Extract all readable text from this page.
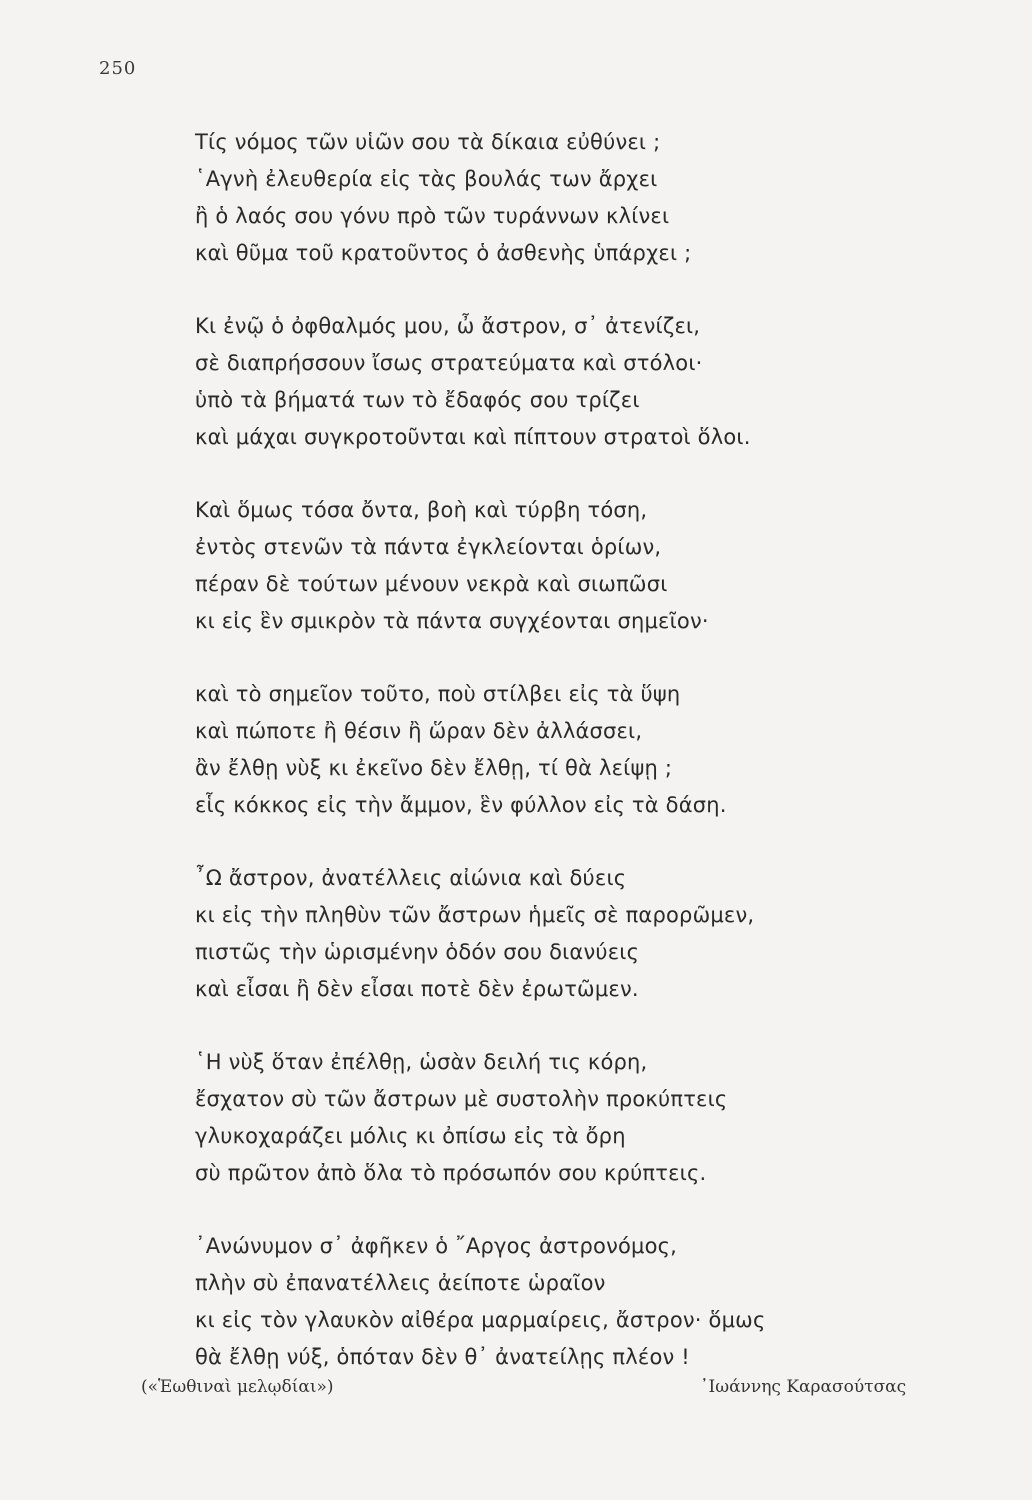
250
Τίς νόμος τῶν υἱῶν σου τὰ δίκαια εὐθύνει ;
῾Αγνὴ ἐλευθερία εἰς τὰς βουλάς των ἄρχει
ἢ ὁ λαός σου γόνυ πρὸ τῶν τυράννων κλίνει
καὶ θῦμα τοῦ κρατοῦντος ὁ ἀσθενὴς ὑπάρχει ;
Κι ἐνῷ ὁ ὀφθαλμός μου, ὦ ἄστρον, σ᾽ ἀτενίζει,
σὲ διαπρήσσουν ἴσως στρατεύματα καὶ στόλοι·
ὑπὸ τὰ βήματά των τὸ ἔδαφός σου τρίζει
καὶ μάχαι συγκροτοῦνται καὶ πίπτουν στρατοὶ ὅλοι.
Καὶ ὅμως τόσα ὄντα, βοὴ καὶ τύρβη τόση,
ἐντὸς στενῶν τὰ πάντα ἐγκλείονται ὁρίων,
πέραν δὲ τούτων μένουν νεκρὰ καὶ σιωπῶσι
κι εἰς ἓν σμικρὸν τὰ πάντα συγχέονται σημεῖον·
καὶ τὸ σημεῖον τοῦτο, ποὺ στίλβει εἰς τὰ ὕψη
καὶ πώποτε ἢ θέσιν ἢ ὥραν δὲν ἀλλάσσει,
ἂν ἔλθῃ νὺξ κι ἐκεῖνο δὲν ἔλθῃ, τί θὰ λείψῃ ;
εἷς κόκκος εἰς τὴν ἄμμον, ἓν φύλλον εἰς τὰ δάση.
῏Ω ἄστρον, ἀνατέλλεις αἰώνια καὶ δύεις
κι εἰς τὴν πληθὺν τῶν ἄστρων ἡμεῖς σὲ παρορῶμεν,
πιστῶς τὴν ὡρισμένην ὁδόν σου διανύεις
καὶ εἶσαι ἢ δὲν εἶσαι ποτὲ δὲν ἐρωτῶμεν.
῾Η νὺξ ὅταν ἐπέλθῃ, ὡσὰν δειλή τις κόρη,
ἔσχατον σὺ τῶν ἄστρων μὲ συστολὴν προκύπτεις
γλυκοχαράζει μόλις κι ὀπίσω εἰς τὰ ὄρη
σὺ πρῶτον ἀπὸ ὅλα τὸ πρόσωπόν σου κρύπτεις.
᾽Ανώνυμον σ᾽ ἀφῆκεν ὁ ῎Αργος ἀστρονόμος,
πλὴν σὺ ἐπανατέλλεις ἀείποτε ὡραῖον
κι εἰς τὸν γλαυκὸν αἰθέρα μαρμαίρεις, ἄστρον· ὅμως
θὰ ἔλθῃ νύξ, ὁπόταν δὲν θ᾽ ἀνατείλῃς πλέον !
(«Ἑωθιναὶ μελῳδίαι»)	᾽Ιωάννης Καρασούτσας
